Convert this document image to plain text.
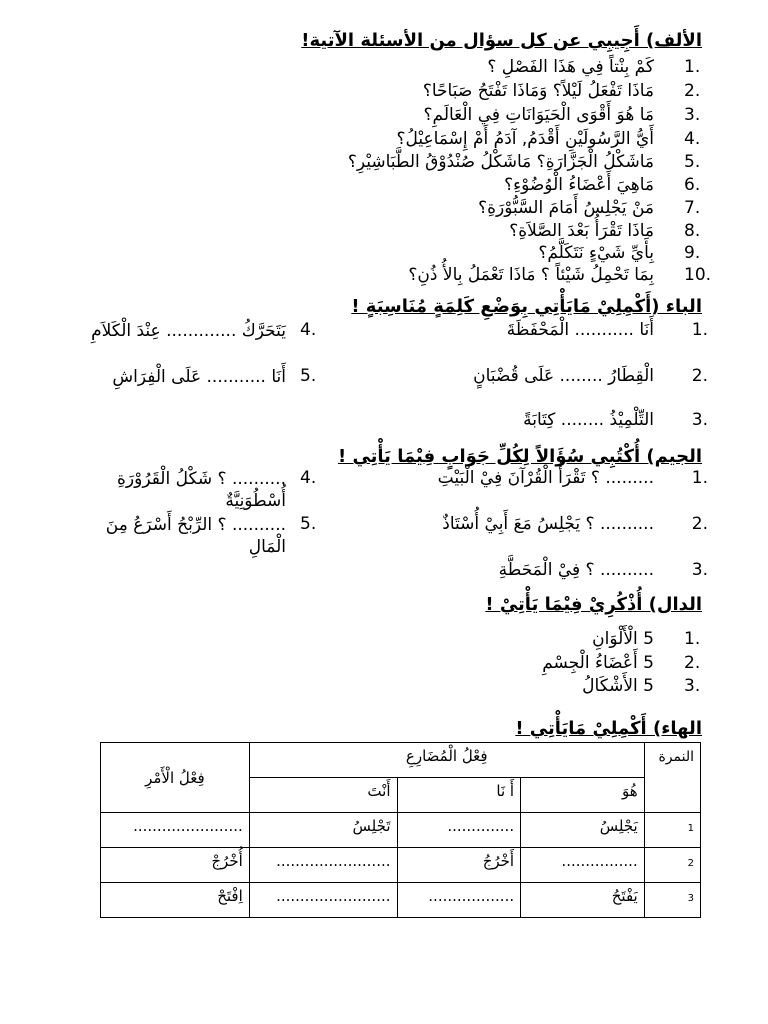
الألف) أَجِيبِي عن كل سؤال من الأسئلة الآتية!
1.
كَمْ بِنْتاً فِي هَذَا الفَصْلِ ؟
2.
مَاذَا تَفْعَلُ لَيْلاً؟ وَمَاذَا تَفْتَحُ صَبَاحًا؟
3.
مَا هُوَ أَقْوَى الْحَيَوَانَاتِ فِي الْعَالَمِ؟
4.
أَيُّ الرَّسُولَيْنِ أَقْدَمُ, آدَمُ أَمْ إِسْمَاعِيْلُ؟
5.
مَاشَكْلُ الْجَزَّارَةِ؟ مَاشَكْلُ صُنْدُوْقُ الطَّبَاشِيْرِ؟
6.
مَاهِيَ أَعْضَاءُ الْوُضُوْءِ؟
7.
مَنْ يَجْلِسُ أَمَامَ السَّبُّوْرَةِ؟
8.
مَاذَا تَقْرَأُ بَعْدَ الصَّلاَةِ؟
9.
بِأَيِّ شَيْءٍ نَتَكَلَّمُ؟
10.
بِمَا تَحْمِلُ شَيْئاً ؟ مَاذَا تَعْمَلُ بِالأُ ذُنِ؟
الباء (أَكْمِلِيْ مَايَأْتِي بِوَضْعِ كَلِمَةٍ مُنَاسِبَةٍ !
1.
أَنَا ........... الْمَحْفَظَةَ
4.
يَتَحَرَّكُ ............. عِنْدَ الْكَلاَمِ
2.
الْقِطَارُ ........ عَلَى قُضْبَانٍ
5.
أَنَا ........... عَلَى الْفِرَاشِ
3.
التِّلْمِيْذُ ........ كِتَابَةً
الجيم) أُكْتُبِي سُؤَالاً لِكُلِّ جَوَابٍ فِيْمَا يَأْتِي !
1.
......... ؟ تَقْرَأُ الْقُرْآنَ فِيْ الْبَيْتِ
4.
.......... ؟ شَكْلُ الْقَرُوْرَةِ أُسْطُوَنِيَّةٌ
2.
.......... ؟ يَجْلِسُ مَعَ أَبِيْ أُسْتَاذٌ
5.
.......... ؟ الرِّبْحُ أَسْرَعُ مِنَ الْمَالِ
3.
.......... ؟ فِيْ الْمَحَطَّةِ
الدال) أُذْكُرِيْ فِيْمَا يَأْتِيْ !
1.
5 الْأَلْوَانِ
2.
5 أَعْضَاءُ الْجِسْمِ
3.
5 الأَشْكَالُ
الهاء) أَكْمِلِيْ مَايَأْتِي !
النمرة	فِعْلُ الْمُضَارِعِ			فِعْلُ الْأَمْرِ
	هُوَ	أَ نَا	أَنْتَ	
1	يَجْلِسُ	..............	تَجْلِسُ	.......................
2	................	أَخْرُجُ	........................	أُخْرُجْ
3	يَفْتَحُ	..................	........................	اِفْتَحْ
